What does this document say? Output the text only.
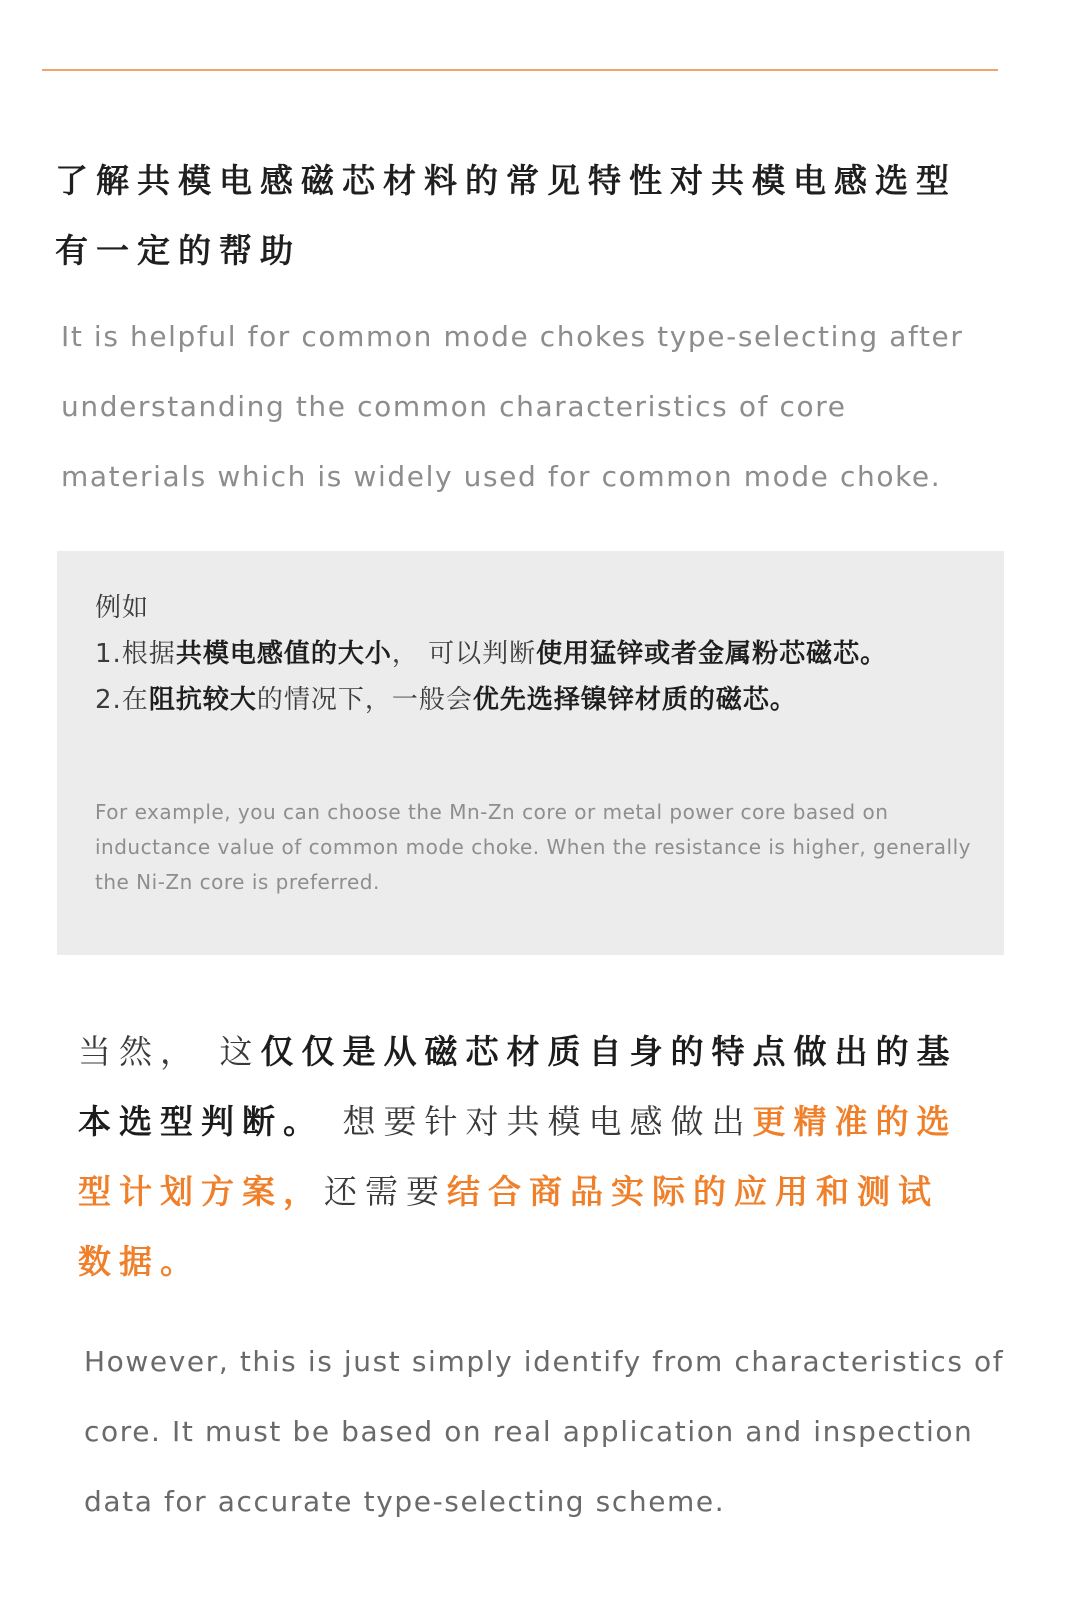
了解共模电感磁芯材料的常见特性对共模电感选型有一定的帮助

It is helpful for common mode chokes type-selecting after understanding the common characteristics of core materials which is widely used for common mode choke.

例如
1.根据共模电感值的大小， 可以判断使用猛锌或者金属粉芯磁芯。
2.在阻抗较大的情况下，一般会优先选择镍锌材质的磁芯。

For example, you can choose the Mn-Zn core or metal power core based on inductance value of common mode choke. When the resistance is higher, generally the Ni-Zn core is preferred.

当然， 这仅仅是从磁芯材质自身的特点做出的基本选型判断。 想要针对共模电感做出更精准的选型计划方案，还需要结合商品实际的应用和测试数据。

However, this is just simply identify from characteristics of core. It must be based on real application and inspection data for accurate type-selecting scheme.
